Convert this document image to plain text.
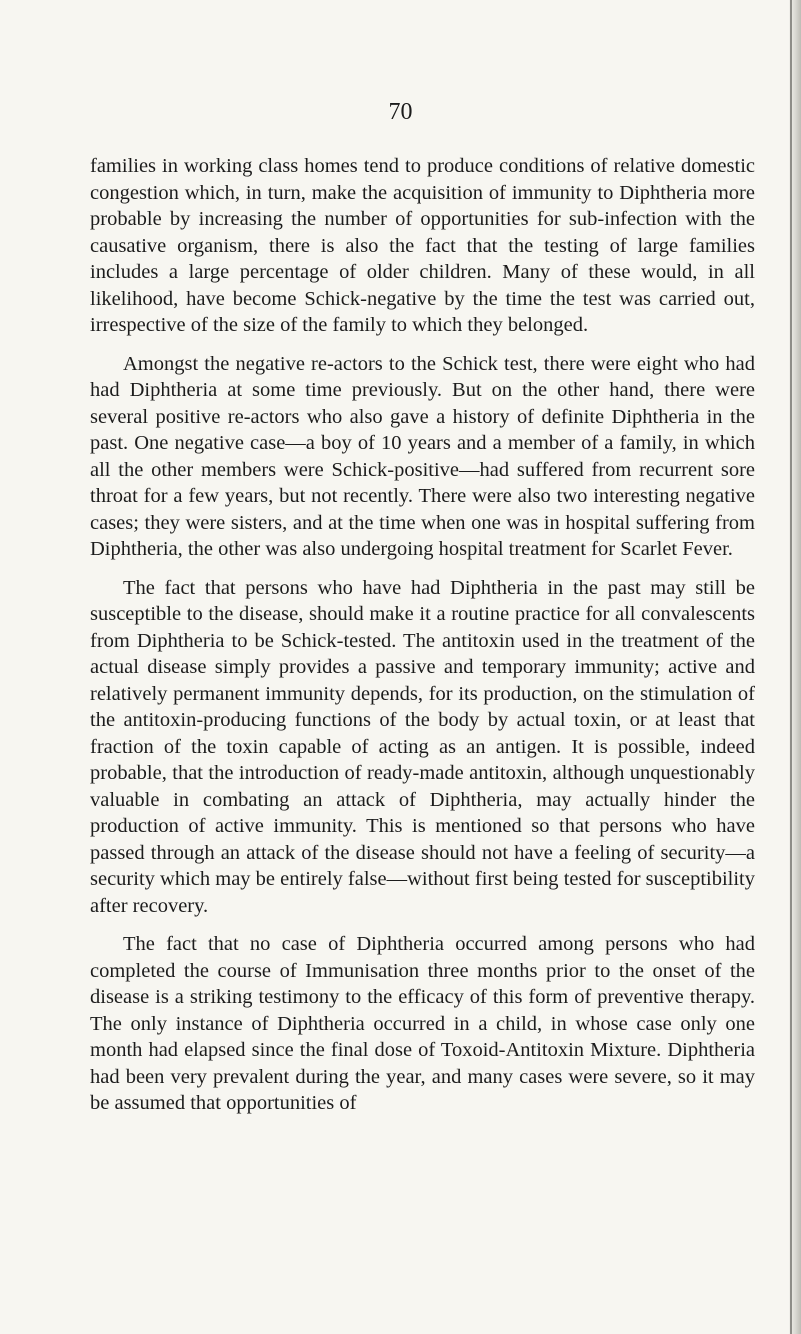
70

families in working class homes tend to produce conditions of relative domestic congestion which, in turn, make the acquisition of immunity to Diphtheria more probable by increasing the number of opportunities for sub-infection with the causative organism, there is also the fact that the testing of large families includes a large percentage of older children. Many of these would, in all likelihood, have become Schick-negative by the time the test was carried out, irrespective of the size of the family to which they belonged.

Amongst the negative re-actors to the Schick test, there were eight who had had Diphtheria at some time previously. But on the other hand, there were several positive re-actors who also gave a history of definite Diphtheria in the past. One negative case—a boy of 10 years and a member of a family, in which all the other members were Schick-positive—had suffered from recurrent sore throat for a few years, but not recently. There were also two interesting negative cases; they were sisters, and at the time when one was in hospital suffering from Diphtheria, the other was also undergoing hospital treatment for Scarlet Fever.

The fact that persons who have had Diphtheria in the past may still be susceptible to the disease, should make it a routine practice for all convalescents from Diphtheria to be Schick-tested. The antitoxin used in the treatment of the actual disease simply provides a passive and temporary immunity; active and relatively permanent immunity depends, for its production, on the stimulation of the antitoxin-producing functions of the body by actual toxin, or at least that fraction of the toxin capable of acting as an antigen. It is possible, indeed probable, that the introduction of ready-made antitoxin, although unquestionably valuable in combating an attack of Diphtheria, may actually hinder the production of active immunity. This is mentioned so that persons who have passed through an attack of the disease should not have a feeling of security—a security which may be entirely false—without first being tested for susceptibility after recovery.

The fact that no case of Diphtheria occurred among persons who had completed the course of Immunisation three months prior to the onset of the disease is a striking testimony to the efficacy of this form of preventive therapy. The only instance of Diphtheria occurred in a child, in whose case only one month had elapsed since the final dose of Toxoid-Antitoxin Mixture. Diphtheria had been very prevalent during the year, and many cases were severe, so it may be assumed that opportunities of
